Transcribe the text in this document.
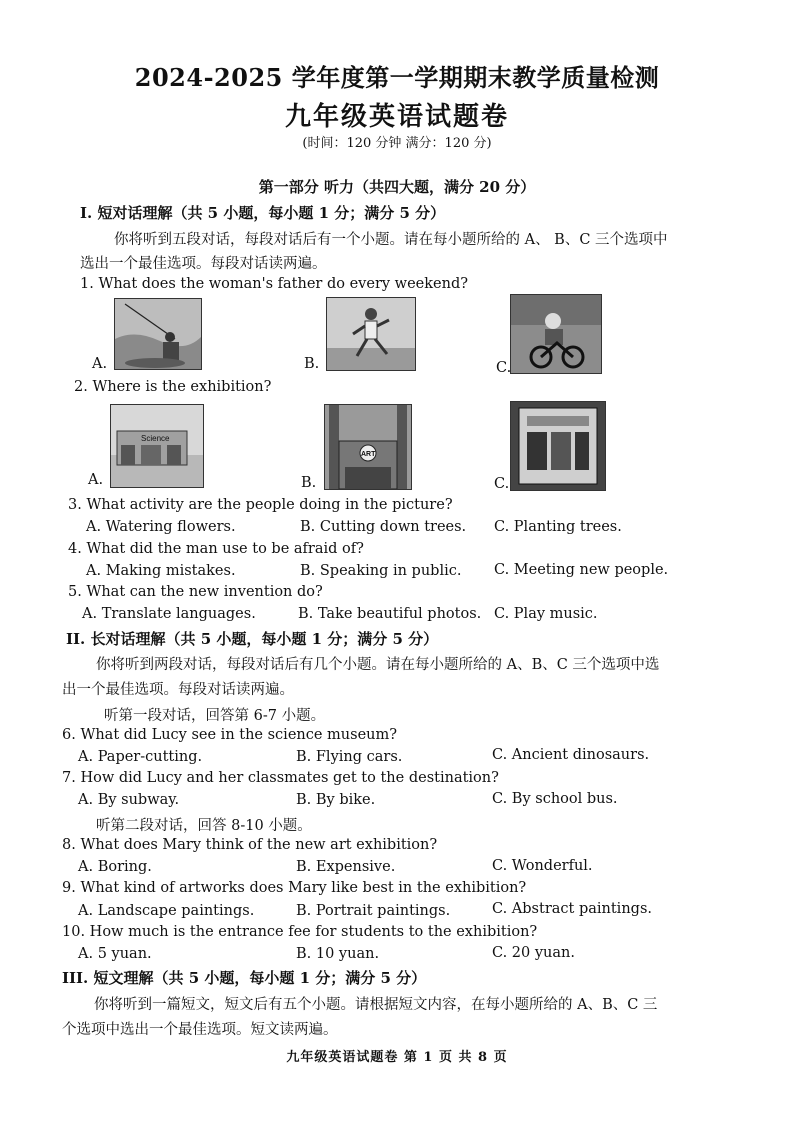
2024-2025 学年度第一学期期末教学质量检测
九年级英语试题卷
(时间：120 分钟 满分：120 分)
第一部分 听力（共四大题，满分 20 分）
I. 短对话理解（共 5 小题，每小题 1 分；满分 5 分）
你将听到五段对话，每段对话后有一个小题。请在每小题所给的 A、 B、C 三个选项中
选出一个最佳选项。每段对话读两遍。
1. What does the woman's father do every weekend?
A.	B.	C.
2. Where is the exhibition?
Science
ART
A.	B.	C.
3. What activity are the people doing in the picture?
A. Watering flowers.	B. Cutting down trees. C. Planting trees.
4. What did the man use to be afraid of?
A. Making mistakes.	B. Speaking in public. C. Meeting new people.
5. What can the new invention do?
A. Translate languages.	B. Take beautiful photos. C. Play music.
II. 长对话理解（共 5 小题，每小题 1 分；满分 5 分）
你将听到两段对话，每段对话后有几个小题。请在每小题所给的 A、B、C 三个选项中选
出一个最佳选项。每段对话读两遍。
听第一段对话，回答第 6-7 小题。
6. What did Lucy see in the science museum?
A. Paper-cutting.	B. Flying cars.	C. Ancient dinosaurs.
7. How did Lucy and her classmates get to the destination?
A. By subway.	B. By bike.	C. By school bus.
听第二段对话，回答 8-10 小题。
8. What does Mary think of the new art exhibition?
A. Boring.	B. Expensive.	C. Wonderful.
9. What kind of artworks does Mary like best in the exhibition?
A. Landscape paintings.	B. Portrait paintings.	C. Abstract paintings.
10. How much is the entrance fee for students to the exhibition?
A. 5 yuan.	B. 10 yuan.	C. 20 yuan.
III. 短文理解（共 5 小题，每小题 1 分；满分 5 分）
你将听到一篇短文，短文后有五个小题。请根据短文内容，在每小题所给的 A、B、C 三
个选项中选出一个最佳选项。短文读两遍。
九年级英语试题卷 第 1 页 共 8 页
